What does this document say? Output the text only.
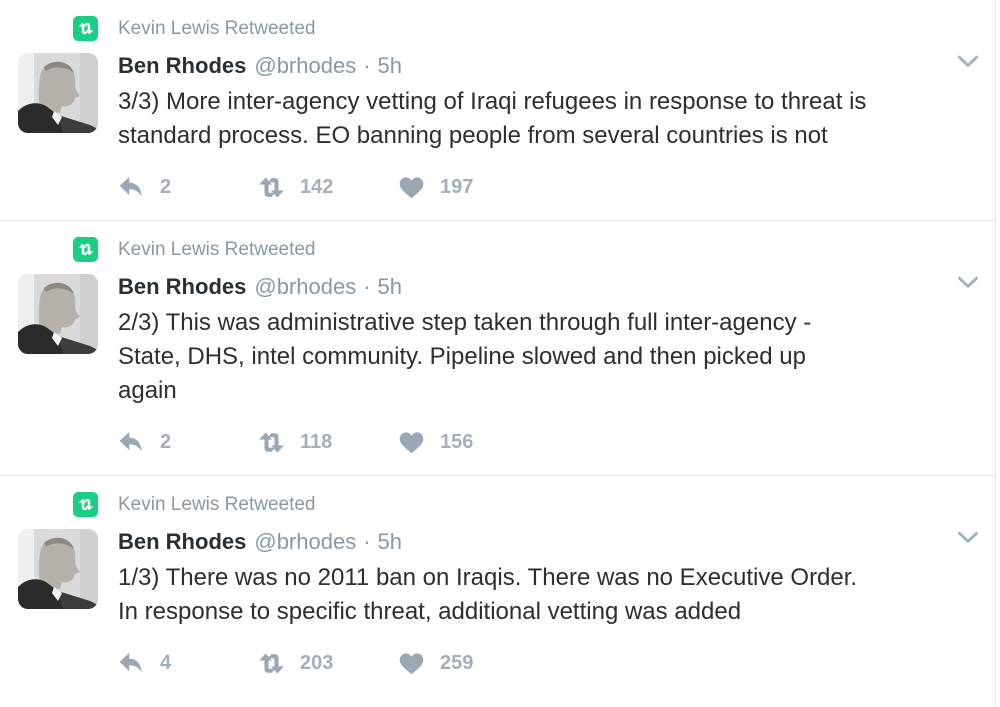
Kevin Lewis Retweeted
Ben Rhodes @brhodes · 5h
3/3) More inter-agency vetting of Iraqi refugees in response to threat is
standard process. EO banning people from several countries is not
2	142	197
Kevin Lewis Retweeted
Ben Rhodes @brhodes · 5h
2/3) This was administrative step taken through full inter-agency -
State, DHS, intel community. Pipeline slowed and then picked up
again
2	118	156
Kevin Lewis Retweeted
Ben Rhodes @brhodes · 5h
1/3) There was no 2011 ban on Iraqis. There was no Executive Order.
In response to specific threat, additional vetting was added
4	203	259
